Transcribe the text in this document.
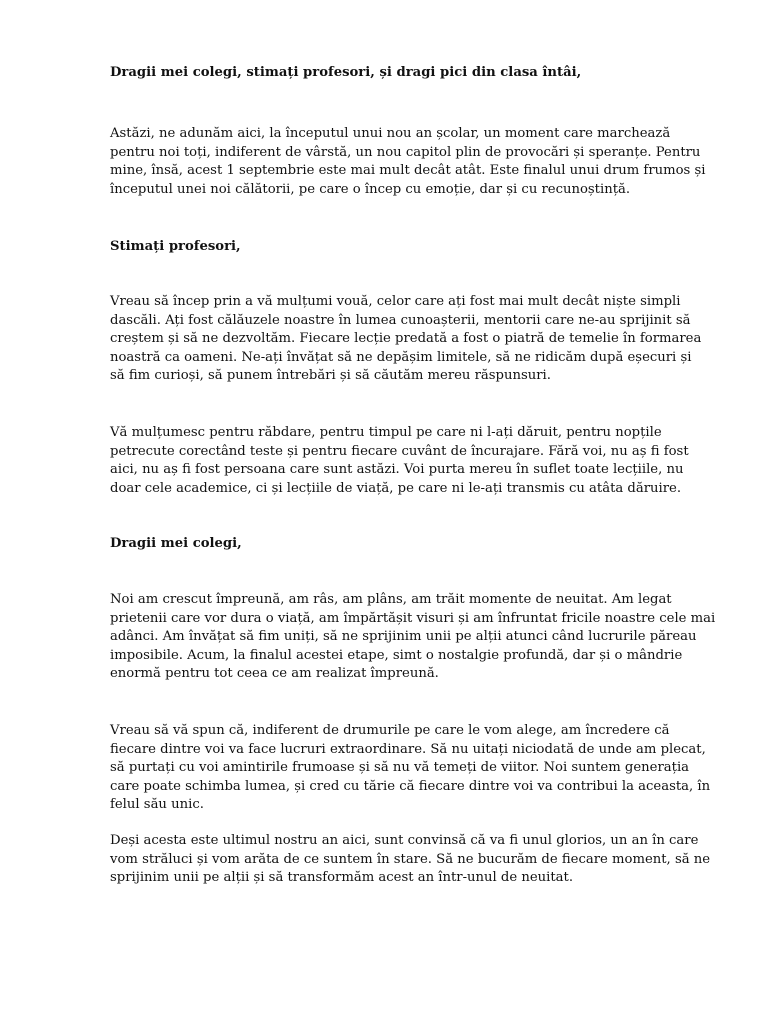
Dragii mei colegi, stimați profesori, și dragi pici din clasa întâi,

Astăzi, ne adunăm aici, la începutul unui nou an școlar, un moment care marchează pentru noi toți, indiferent de vârstă, un nou capitol plin de provocări și speranțe. Pentru mine, însă, acest 1 septembrie este mai mult decât atât. Este finalul unui drum frumos și începutul unei noi călătorii, pe care o încep cu emoție, dar și cu recunoștință.

Stimați profesori,

Vreau să încep prin a vă mulțumi vouă, celor care ați fost mai mult decât niște simpli dascăli. Ați fost călăuzele noastre în lumea cunoașterii, mentorii care ne-au sprijinit să creștem și să ne dezvoltăm. Fiecare lecție predată a fost o piatră de temelie în formarea noastră ca oameni. Ne-ați învățat să ne depășim limitele, să ne ridicăm după eșecuri și să fim curioși, să punem întrebări și să căutăm mereu răspunsuri.

Vă mulțumesc pentru răbdare, pentru timpul pe care ni l-ați dăruit, pentru nopțile petrecute corectând teste și pentru fiecare cuvânt de încurajare. Fără voi, nu aș fi fost aici, nu aș fi fost persoana care sunt astăzi. Voi purta mereu în suflet toate lecțiile, nu doar cele academice, ci și lecțiile de viață, pe care ni le-ați transmis cu atâta dăruire.

Dragii mei colegi,

Noi am crescut împreună, am râs, am plâns, am trăit momente de neuitat. Am legat prietenii care vor dura o viață, am împărtășit visuri și am înfruntat fricile noastre cele mai adânci. Am învățat să fim uniți, să ne sprijinim unii pe alții atunci când lucrurile păreau imposibile. Acum, la finalul acestei etape, simt o nostalgie profundă, dar și o mândrie enormă pentru tot ceea ce am realizat împreună.

Vreau să vă spun că, indiferent de drumurile pe care le vom alege, am încredere că fiecare dintre voi va face lucruri extraordinare. Să nu uitați niciodată de unde am plecat, să purtați cu voi amintirile frumoase și să nu vă temeți de viitor. Noi suntem generația care poate schimba lumea, și cred cu tărie că fiecare dintre voi va contribui la aceasta, în felul său unic.

Deși acesta este ultimul nostru an aici, sunt convinsă că va fi unul glorios, un an în care vom străluci și vom arăta de ce suntem în stare. Să ne bucurăm de fiecare moment, să ne sprijinim unii pe alții și să transformăm acest an într-unul de neuitat.
